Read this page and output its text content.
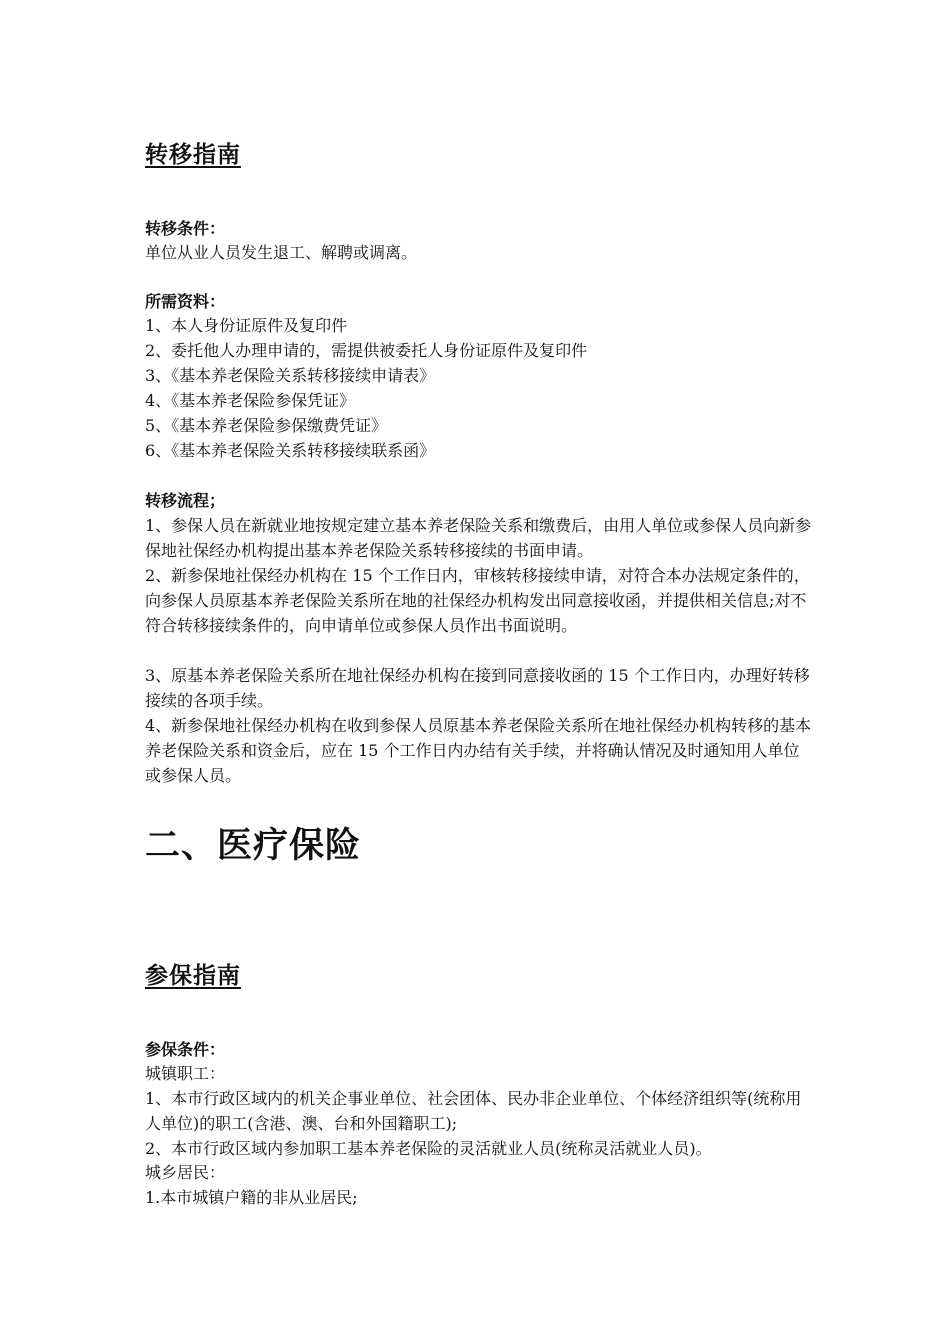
转移指南
转移条件：
单位从业人员发生退工、解聘或调离。
所需资料：
1、本人身份证原件及复印件
2、委托他人办理申请的，需提供被委托人身份证原件及复印件
3、《基本养老保险关系转移接续申请表》
4、《基本养老保险参保凭证》
5、《基本养老保险参保缴费凭证》
6、《基本养老保险关系转移接续联系函》
转移流程；
1、参保人员在新就业地按规定建立基本养老保险关系和缴费后，由用人单位或参保人员向新参保地社保经办机构提出基本养老保险关系转移接续的书面申请。
2、新参保地社保经办机构在 15 个工作日内，审核转移接续申请，对符合本办法规定条件的，向参保人员原基本养老保险关系所在地的社保经办机构发出同意接收函，并提供相关信息;对不符合转移接续条件的，向申请单位或参保人员作出书面说明。
3、原基本养老保险关系所在地社保经办机构在接到同意接收函的 15 个工作日内，办理好转移接续的各项手续。
4、新参保地社保经办机构在收到参保人员原基本养老保险关系所在地社保经办机构转移的基本养老保险关系和资金后，应在 15 个工作日内办结有关手续，并将确认情况及时通知用人单位或参保人员。
二、医疗保险
参保指南
参保条件：
城镇职工：
1、本市行政区域内的机关企事业单位、社会团体、民办非企业单位、个体经济组织等(统称用人单位)的职工(含港、澳、台和外国籍职工);
2、本市行政区域内参加职工基本养老保险的灵活就业人员(统称灵活就业人员)。
城乡居民：
1.本市城镇户籍的非从业居民;
